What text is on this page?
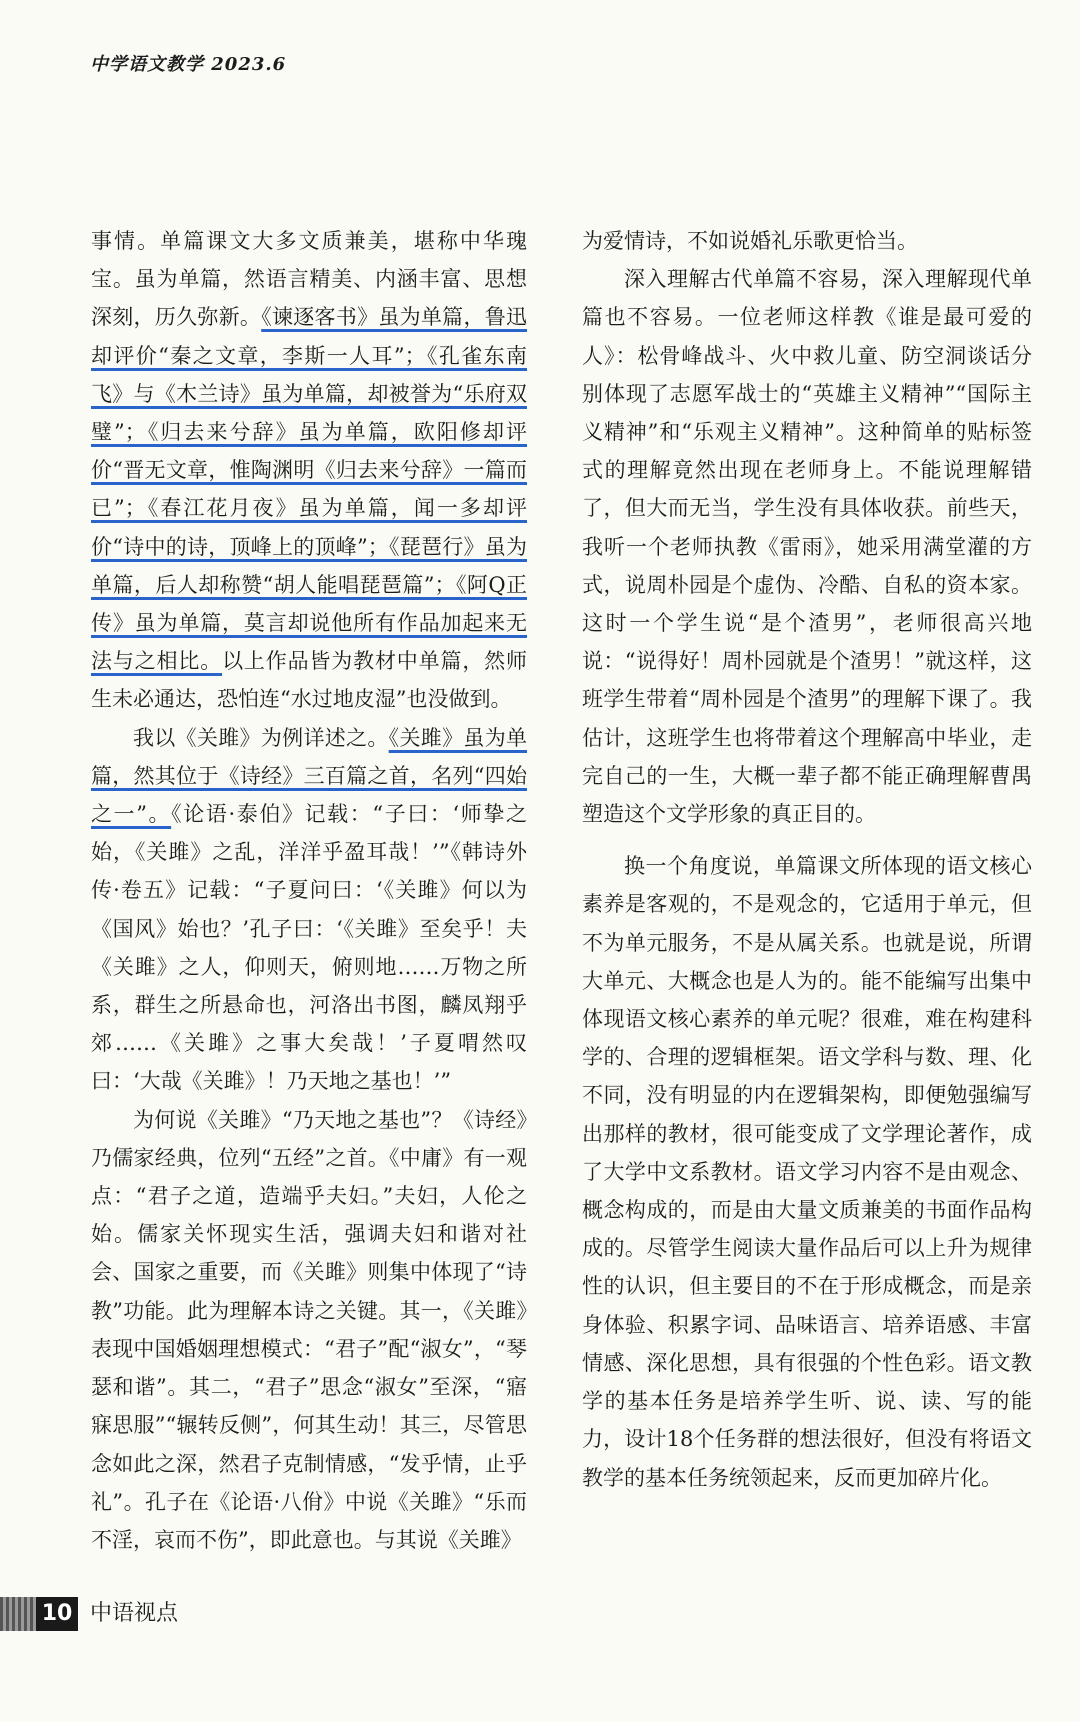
中学语文教学 2023.6

事情。单篇课文大多文质兼美，堪称中华瑰宝。虽为单篇，然语言精美、内涵丰富、思想深刻，历久弥新。《谏逐客书》虽为单篇，鲁迅却评价“秦之文章，李斯一人耳”；《孔雀东南飞》与《木兰诗》虽为单篇，却被誉为“乐府双璧”；《归去来兮辞》虽为单篇，欧阳修却评价“晋无文章，惟陶渊明《归去来兮辞》一篇而已”；《春江花月夜》虽为单篇，闻一多却评价“诗中的诗，顶峰上的顶峰”；《琵琶行》虽为单篇，后人却称赞“胡人能唱琵琶篇”；《阿Q正传》虽为单篇，莫言却说他所有作品加起来无法与之相比。以上作品皆为教材中单篇，然师生未必通达，恐怕连“水过地皮湿”也没做到。

我以《关雎》为例详述之。《关雎》虽为单篇，然其位于《诗经》三百篇之首，名列“四始之一”。《论语·泰伯》记载：“子曰：‘师挚之始，《关雎》之乱，洋洋乎盈耳哉！’”《韩诗外传·卷五》记载：“子夏问曰：‘《关雎》何以为《国风》始也？’孔子曰：‘《关雎》至矣乎！夫《关雎》之人，仰则天，俯则地……万物之所系，群生之所悬命也，河洛出书图，麟凤翔乎郊……《关雎》之事大矣哉！’子夏喟然叹曰：‘大哉《关雎》！乃天地之基也！’”

为何说《关雎》“乃天地之基也”？《诗经》乃儒家经典，位列“五经”之首。《中庸》有一观点：“君子之道，造端乎夫妇。”夫妇，人伦之始。儒家关怀现实生活，强调夫妇和谐对社会、国家之重要，而《关雎》则集中体现了“诗教”功能。此为理解本诗之关键。其一，《关雎》表现中国婚姻理想模式：“君子”配“淑女”，“琴瑟和谐”。其二，“君子”思念“淑女”至深，“寤寐思服”“辗转反侧”，何其生动！其三，尽管思念如此之深，然君子克制情感，“发乎情，止乎礼”。孔子在《论语·八佾》中说《关雎》“乐而不淫，哀而不伤”，即此意也。与其说《关雎》

为爱情诗，不如说婚礼乐歌更恰当。

深入理解古代单篇不容易，深入理解现代单篇也不容易。一位老师这样教《谁是最可爱的人》：松骨峰战斗、火中救儿童、防空洞谈话分别体现了志愿军战士的“英雄主义精神”“国际主义精神”和“乐观主义精神”。这种简单的贴标签式的理解竟然出现在老师身上。不能说理解错了，但大而无当，学生没有具体收获。前些天，我听一个老师执教《雷雨》，她采用满堂灌的方式，说周朴园是个虚伪、冷酷、自私的资本家。这时一个学生说“是个渣男”，老师很高兴地说：“说得好！周朴园就是个渣男！”就这样，这班学生带着“周朴园是个渣男”的理解下课了。我估计，这班学生也将带着这个理解高中毕业，走完自己的一生，大概一辈子都不能正确理解曹禺塑造这个文学形象的真正目的。

换一个角度说，单篇课文所体现的语文核心素养是客观的，不是观念的，它适用于单元，但不为单元服务，不是从属关系。也就是说，所谓大单元、大概念也是人为的。能不能编写出集中体现语文核心素养的单元呢？很难，难在构建科学的、合理的逻辑框架。语文学科与数、理、化不同，没有明显的内在逻辑架构，即便勉强编写出那样的教材，很可能变成了文学理论著作，成了大学中文系教材。语文学习内容不是由观念、概念构成的，而是由大量文质兼美的书面作品构成的。尽管学生阅读大量作品后可以上升为规律性的认识，但主要目的不在于形成概念，而是亲身体验、积累字词、品味语言、培养语感、丰富情感、深化思想，具有很强的个性色彩。语文教学的基本任务是培养学生听、说、读、写的能力，设计18个任务群的想法很好，但没有将语文教学的基本任务统领起来，反而更加碎片化。

10 中语视点
